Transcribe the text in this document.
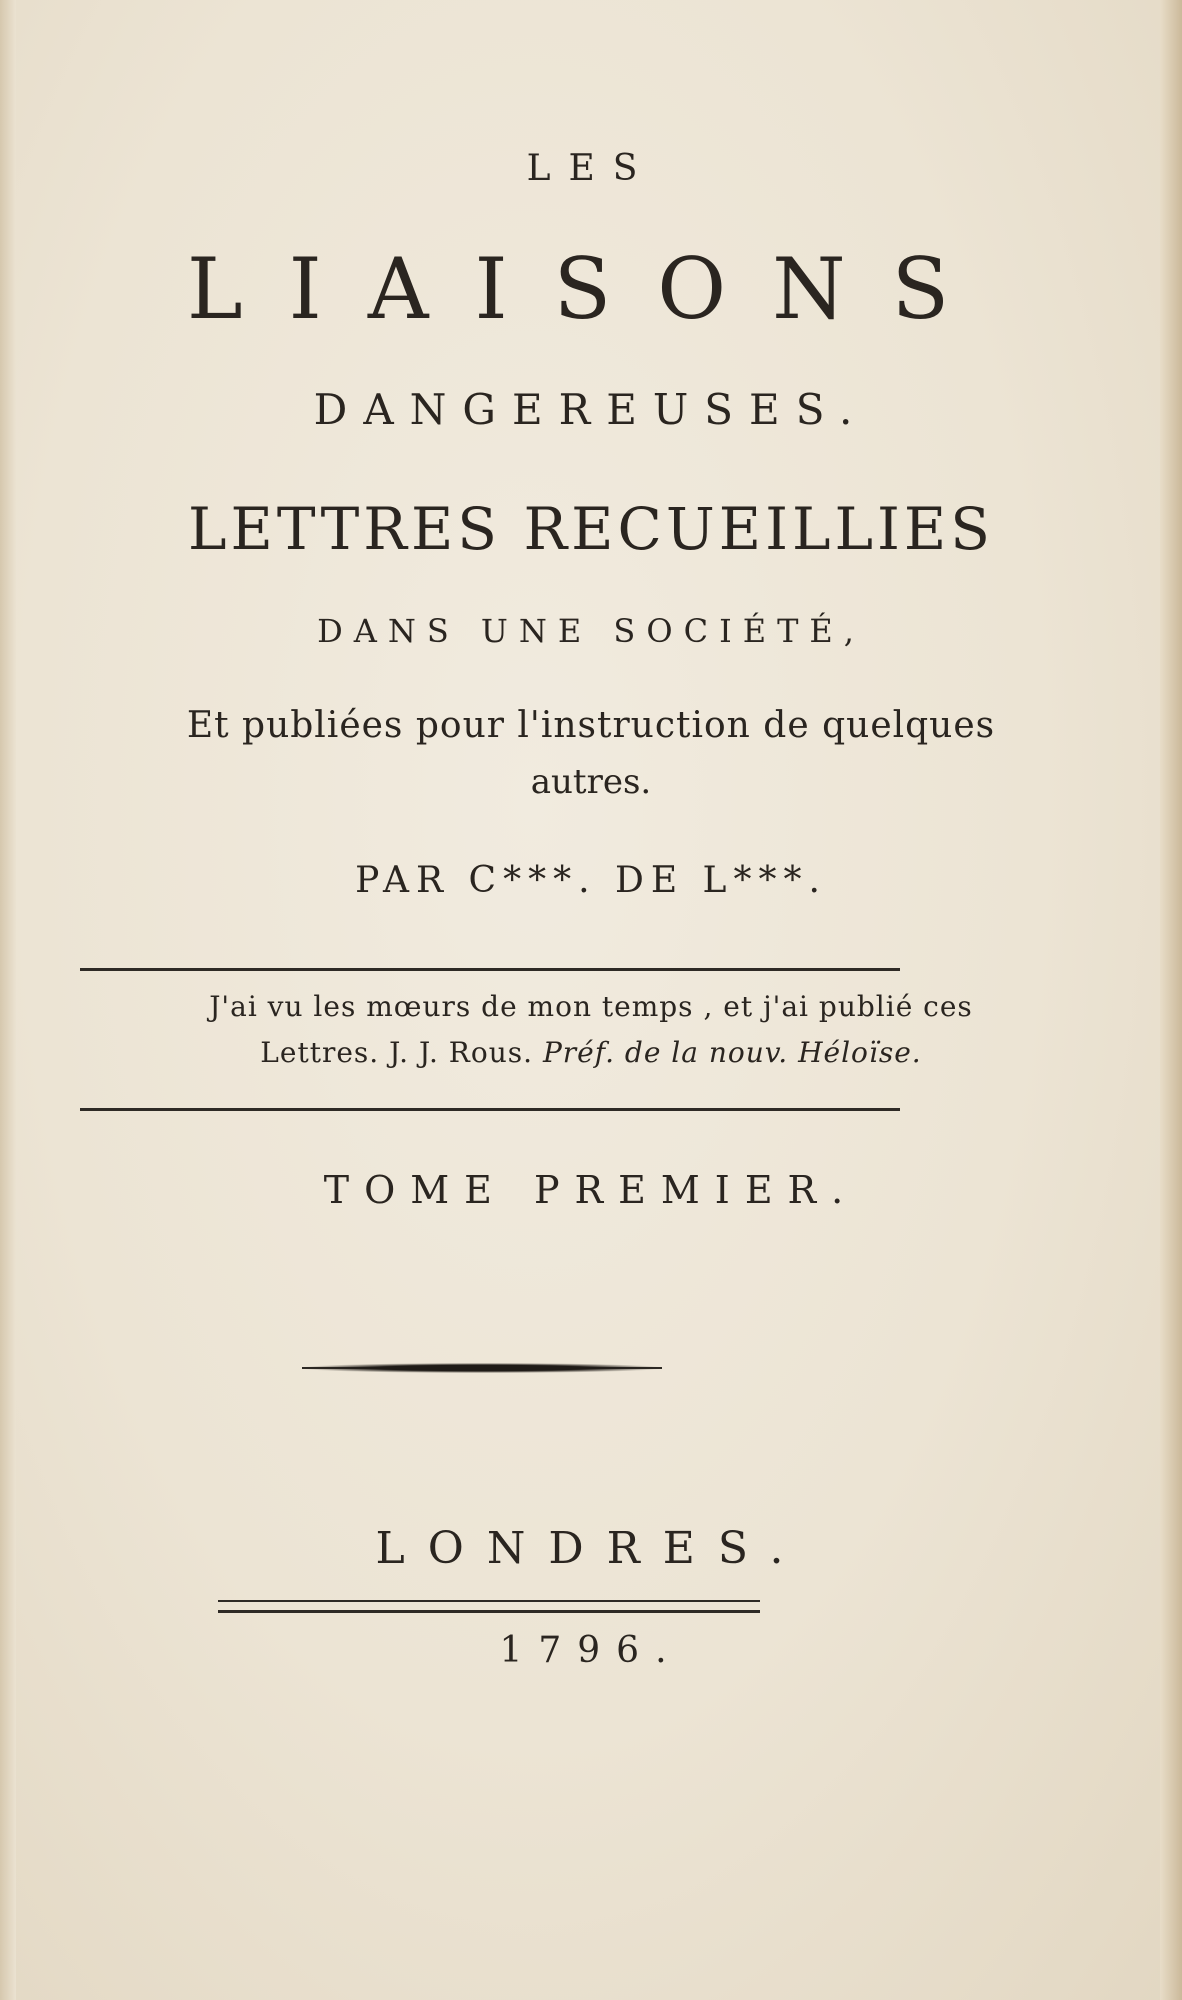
LES
LIAISONS
DANGEREUSES.
LETTRES RECUEILLIES
DANS UNE SOCIÉTÉ,
Et publiées pour l'instruction de quelques
autres.
PAR C***. DE L***.
J'ai vu les mœurs de mon temps , et j'ai publié ces
Lettres. J. J. Rous. Préf. de la nouv. Héloïse.
TOME PREMIER.
LONDRES.
1796.
